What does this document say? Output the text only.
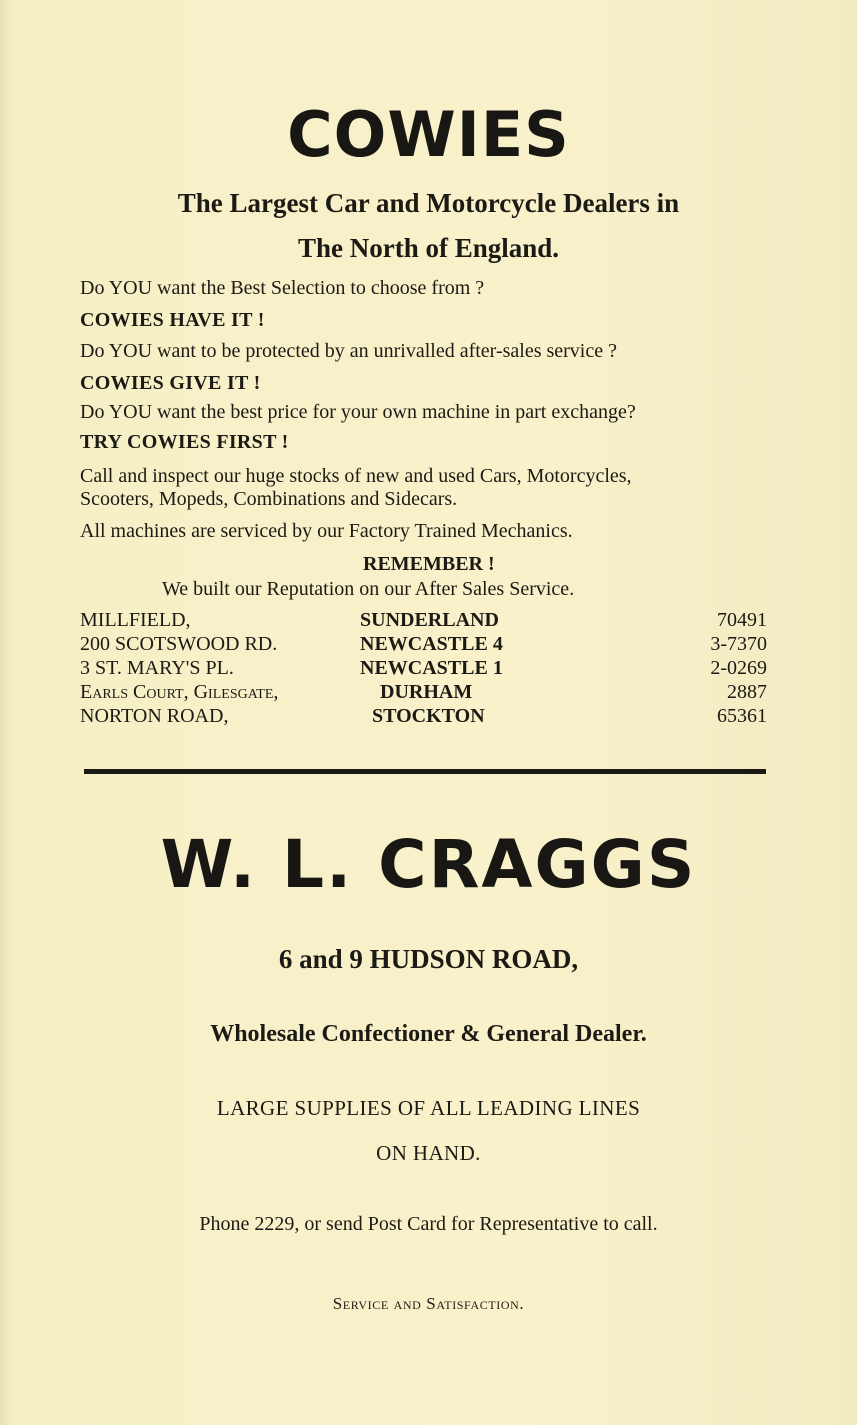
COWIES
The Largest Car and Motorcycle Dealers in
The North of England.
Do YOU want the Best Selection to choose from ?
COWIES HAVE IT !
Do YOU want to be protected by an unrivalled after-sales service ?
COWIES GIVE IT !
Do YOU want the best price for your own machine in part exchange?
TRY COWIES FIRST !
Call and inspect our huge stocks of new and used Cars, Motorcycles,
Scooters, Mopeds, Combinations and Sidecars.
All machines are serviced by our Factory Trained Mechanics.
REMEMBER !
We built our Reputation on our After Sales Service.
MILLFIELD,	SUNDERLAND	70491
200 SCOTSWOOD RD.	NEWCASTLE 4	3-7370
3 ST. MARY'S PL.	NEWCASTLE 1	2-0269
Earls Court, Gilesgate,	DURHAM	2887
NORTON ROAD,	STOCKTON	65361
W. L. CRAGGS
6 and 9 HUDSON ROAD,
Wholesale Confectioner & General Dealer.
LARGE SUPPLIES OF ALL LEADING LINES
ON HAND.
Phone 2229, or send Post Card for Representative to call.
Service and Satisfaction.
